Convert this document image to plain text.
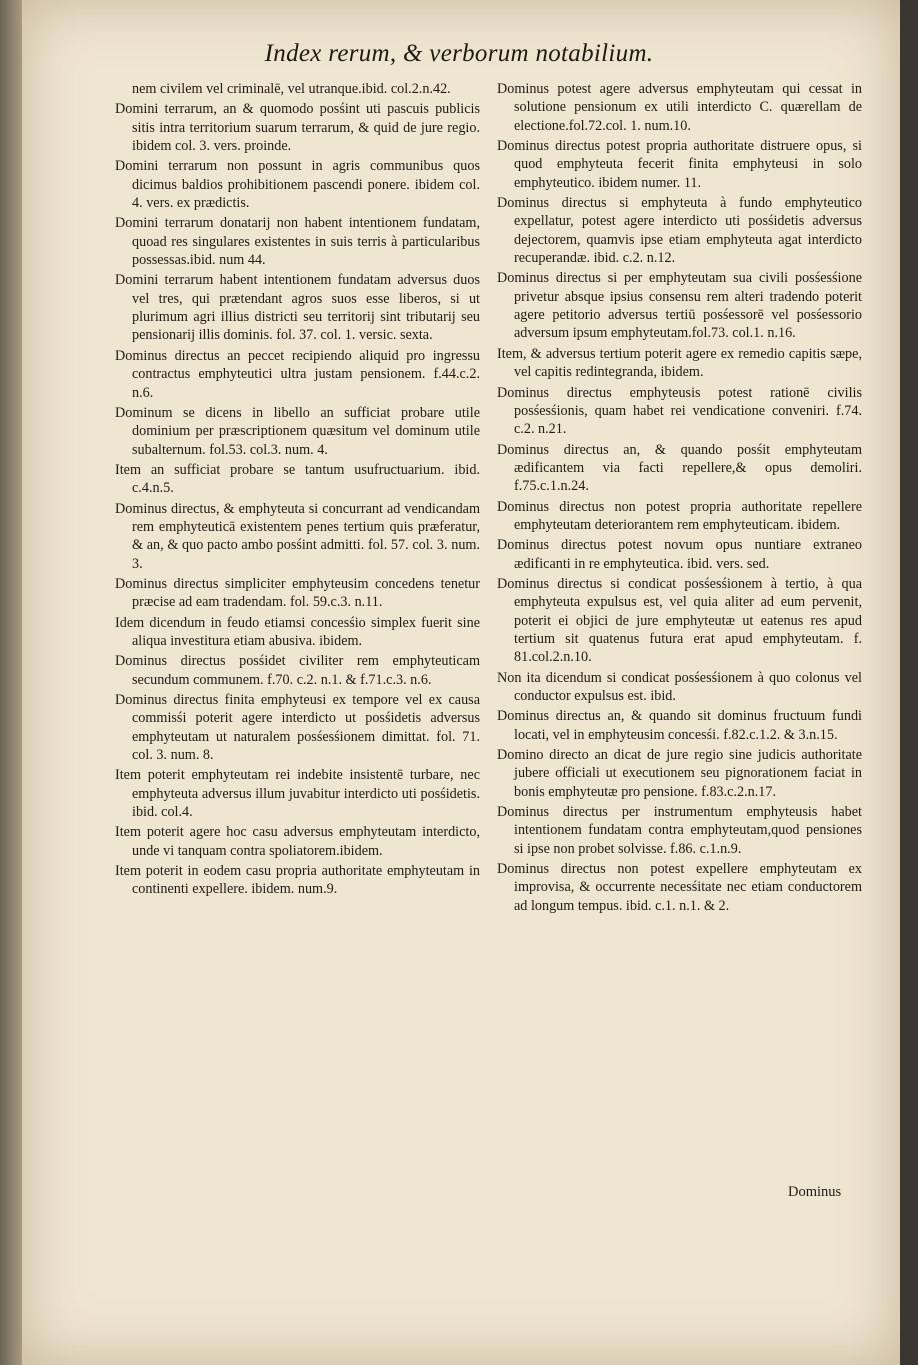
Index rerum, & verborum notabilium.

nem civilem vel criminalē, vel utranque.ibid. col.2.n.42.

Domini terrarum, an & quomodo posśint uti pascuis publicis sitis intra territorium suarum terrarum, & quid de jure regio. ibidem col. 3. vers. proinde.

Domini terrarum non possunt in agris communibus quos dicimus baldios prohibitionem pascendi ponere. ibidem col. 4. vers. ex prædictis.

Domini terrarum donatarij non habent intentionem fundatam, quoad res singulares existentes in suis terris à particularibus possessas.ibid. num 44.

Domini terrarum habent intentionem fundatam adversus duos vel tres, qui prætendant agros suos esse liberos, si ut plurimum agri illius districti seu territorij sint tributarij seu pensionarij illis dominis. fol. 37. col. 1. versic. sexta.

Dominus directus an peccet recipiendo aliquid pro ingressu contractus emphyteutici ultra justam pensionem. f.44.c.2. n.6.

Dominum se dicens in libello an sufficiat probare utile dominium per præscriptionem quæsitum vel dominum utile subalternum. fol.53. col.3. num. 4.

Item an sufficiat probare se tantum usufructuarium. ibid. c.4.n.5.

Dominus directus, & emphyteuta si concurrant ad vendicandam rem emphyteuticā existentem penes tertium quis præferatur, & an, & quo pacto ambo posśint admitti. fol. 57. col. 3. num. 3.

Dominus directus simpliciter emphyteusim concedens tenetur præcise ad eam tradendam. fol. 59.c.3. n.11.

Idem dicendum in feudo etiamsi concesśio simplex fuerit sine aliqua investitura etiam abusiva. ibidem.

Dominus directus posśidet civiliter rem emphyteuticam secundum communem. f.70. c.2. n.1. & f.71.c.3. n.6.

Dominus directus finita emphyteusi ex tempore vel ex causa commisśi poterit agere interdicto ut posśidetis adversus emphyteutam ut naturalem posśesśionem dimittat. fol. 71. col. 3. num. 8.

Item poterit emphyteutam rei indebite insistentē turbare, nec emphyteuta adversus illum juvabitur interdicto uti posśidetis. ibid. col.4.

Item poterit agere hoc casu adversus emphyteutam interdicto, unde vi tanquam contra spoliatorem.ibidem.

Item poterit in eodem casu propria authoritate emphyteutam in continenti expellere. ibidem. num.9.

Dominus potest agere adversus emphyteutam qui cessat in solutione pensionum ex utili interdicto C. quærellam de electione.fol.72.col. 1. num.10.

Dominus directus potest propria authoritate distruere opus, si quod emphyteuta fecerit finita emphyteusi in solo emphyteutico. ibidem numer. 11.

Dominus directus si emphyteuta à fundo emphyteutico expellatur, potest agere interdicto uti posśidetis adversus dejectorem, quamvis ipse etiam emphyteuta agat interdicto recuperandæ. ibid. c.2. n.12.

Dominus directus si per emphyteutam sua civili posśesśione privetur absque ipsius consensu rem alteri tradendo poterit agere petitorio adversus tertiū posśessorē vel posśessorio adversum ipsum emphyteutam.fol.73. col.1. n.16.

Item, & adversus tertium poterit agere ex remedio capitis sæpe, vel capitis redintegranda, ibidem.

Dominus directus emphyteusis potest rationē civilis posśesśionis, quam habet rei vendicatione conveniri. f.74. c.2. n.21.

Dominus directus an, & quando posśit emphyteutam ædificantem via facti repellere,& opus demoliri. f.75.c.1.n.24.

Dominus directus non potest propria authoritate repellere emphyteutam deteriorantem rem emphyteuticam. ibidem.

Dominus directus potest novum opus nuntiare extraneo ædificanti in re emphyteutica. ibid. vers. sed.

Dominus directus si condicat posśesśionem à tertio, à qua emphyteuta expulsus est, vel quia aliter ad eum pervenit, poterit ei objici de jure emphyteutæ ut eatenus res apud tertium sit quatenus futura erat apud emphyteutam. f. 81.col.2.n.10.

Non ita dicendum si condicat posśesśionem à quo colonus vel conductor expulsus est. ibid.

Dominus directus an, & quando sit dominus fructuum fundi locati, vel in emphyteusim concesśi. f.82.c.1.2. & 3.n.15.

Domino directo an dicat de jure regio sine judicis authoritate jubere officiali ut executionem seu pignorationem faciat in bonis emphyteutæ pro pensione. f.83.c.2.n.17.

Dominus directus per instrumentum emphyteusis habet intentionem fundatam contra emphyteutam,quod pensiones si ipse non probet solvisse. f.86. c.1.n.9.

Dominus directus non potest expellere emphyteutam ex improvisa, & occurrente necesśitate nec etiam conductorem ad longum tempus. ibid. c.1. n.1. & 2.

Dominus
